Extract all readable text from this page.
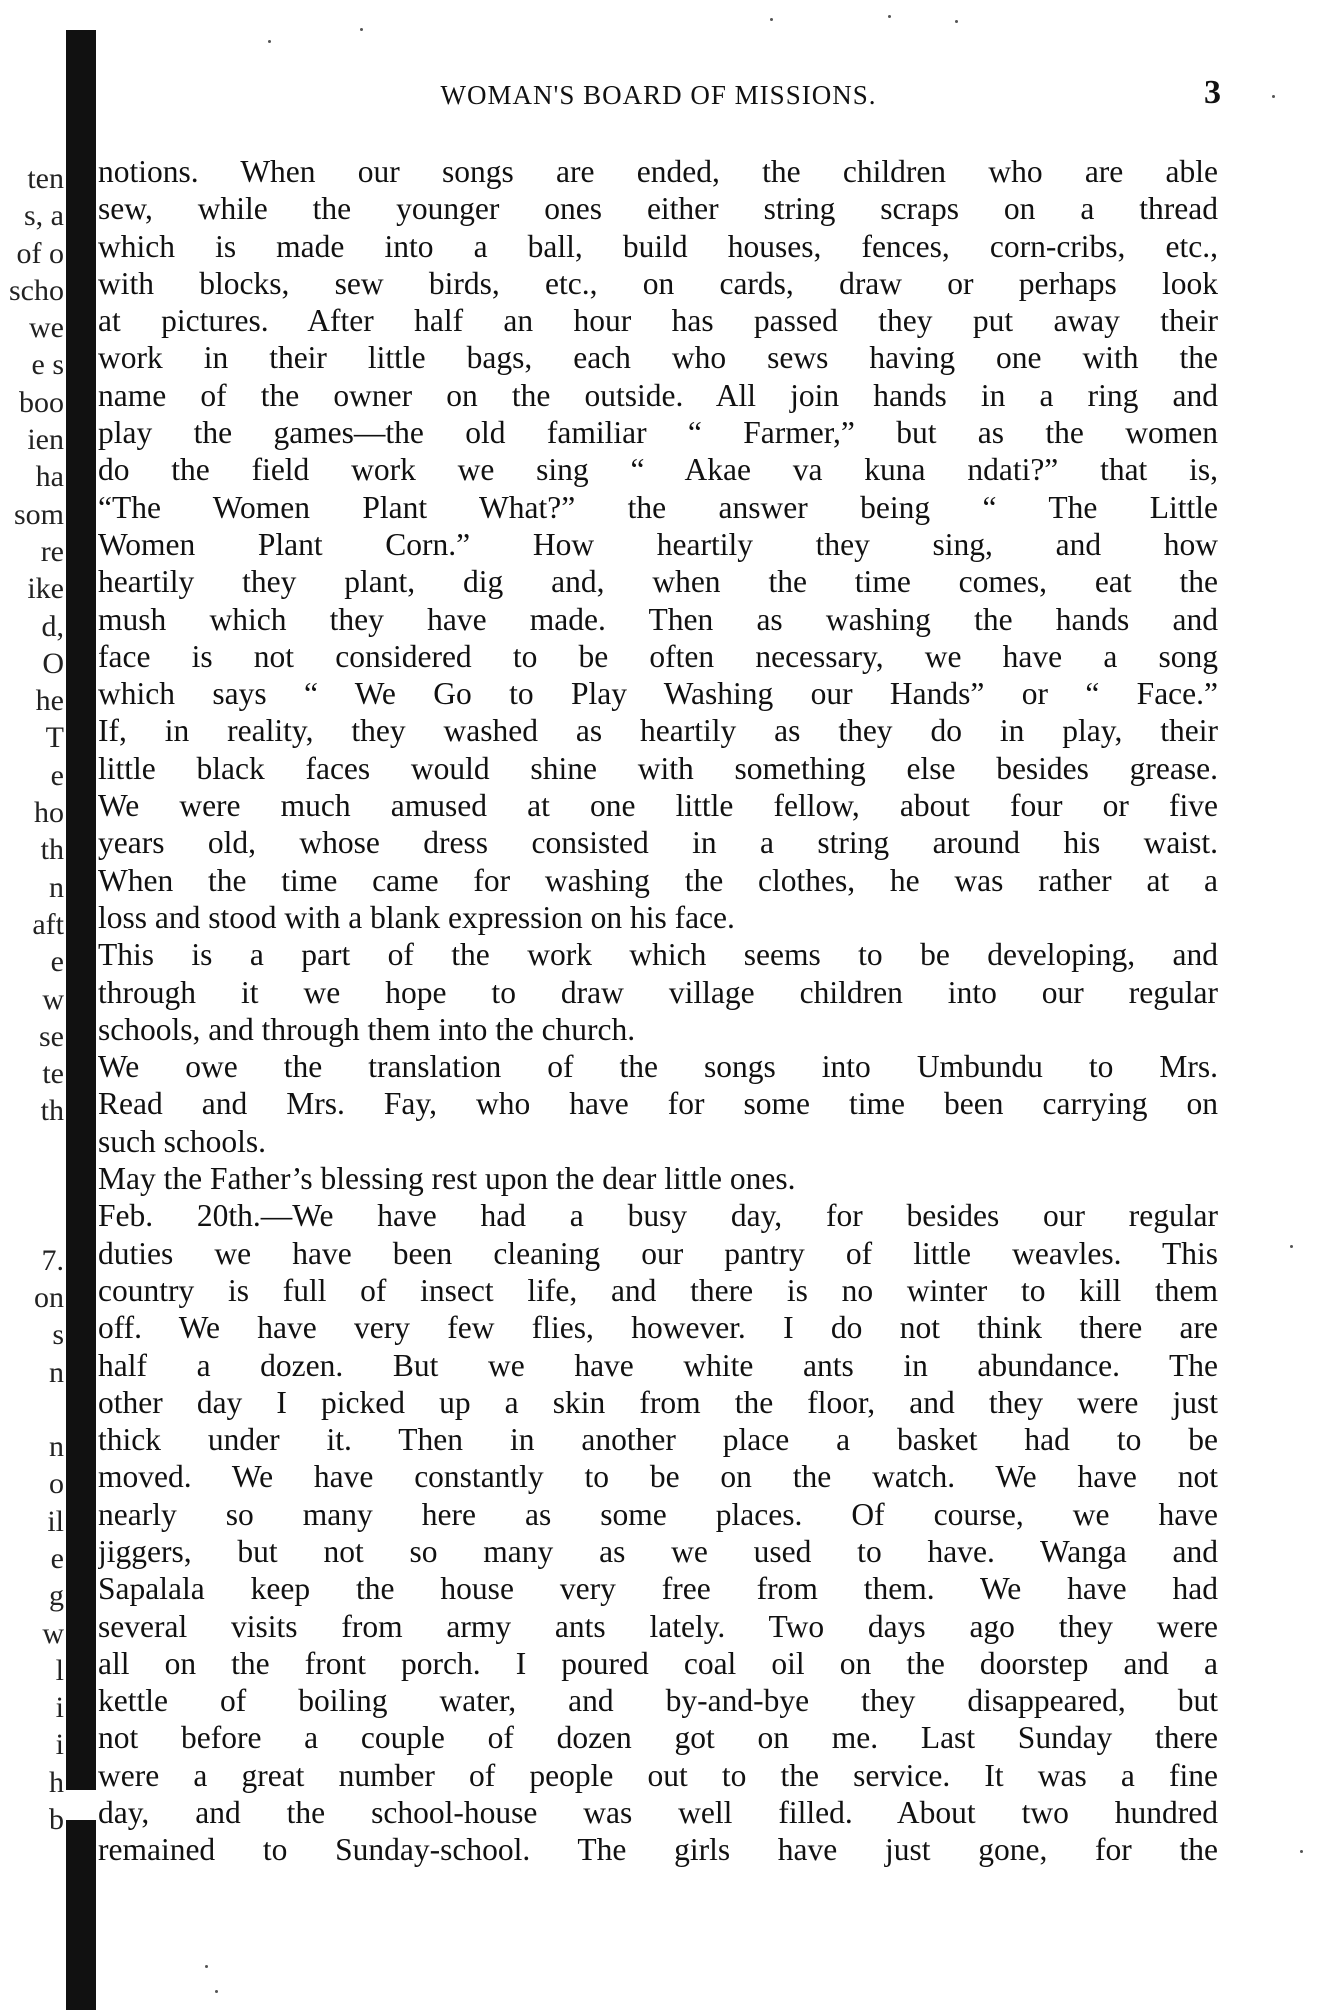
ten
s, a
of o
scho
we
e s
boo
ien
ha
som
re
ike
d,
O
he
T
e
ho
th
n
aft
e
w
se
te
th
7.
on
s
n
n
o
il
e
g
w
l
i
i
h
b
WOMAN'S BOARD OF MISSIONS.	3
notions. When our songs are ended, the children who are able
sew, while the younger ones either string scraps on a thread
which is made into a ball, build houses, fences, corn-cribs, etc.,
with blocks, sew birds, etc., on cards, draw or perhaps look
at pictures. After half an hour has passed they put away their
work in their little bags, each who sews having one with the
name of the owner on the outside. All join hands in a ring and
play the games—the old familiar “ Farmer,” but as the women
do the field work we sing “ Akae va kuna ndati?” that is,
“The Women Plant What?” the answer being “ The Little
Women Plant Corn.” How heartily they sing, and how
heartily they plant, dig and, when the time comes, eat the
mush which they have made. Then as washing the hands and
face is not considered to be often necessary, we have a song
which says “ We Go to Play Washing our Hands” or “ Face.”
If, in reality, they washed as heartily as they do in play, their
little black faces would shine with something else besides grease.
We were much amused at one little fellow, about four or five
years old, whose dress consisted in a string around his waist.
When the time came for washing the clothes, he was rather at a
loss and stood with a blank expression on his face.
This is a part of the work which seems to be developing, and
through it we hope to draw village children into our regular
schools, and through them into the church.
We owe the translation of the songs into Umbundu to Mrs.
Read and Mrs. Fay, who have for some time been carrying on
such schools.
May the Father’s blessing rest upon the dear little ones.
Feb. 20th.—We have had a busy day, for besides our regular
duties we have been cleaning our pantry of little weavles. This
country is full of insect life, and there is no winter to kill them
off. We have very few flies, however. I do not think there are
half a dozen. But we have white ants in abundance. The
other day I picked up a skin from the floor, and they were just
thick under it. Then in another place a basket had to be
moved. We have constantly to be on the watch. We have not
nearly so many here as some places. Of course, we have
jiggers, but not so many as we used to have. Wanga and
Sapalala keep the house very free from them. We have had
several visits from army ants lately. Two days ago they were
all on the front porch. I poured coal oil on the doorstep and a
kettle of boiling water, and by-and-bye they disappeared, but
not before a couple of dozen got on me. Last Sunday there
were a great number of people out to the service. It was a fine
day, and the school-house was well filled. About two hundred
remained to Sunday-school. The girls have just gone, for the
